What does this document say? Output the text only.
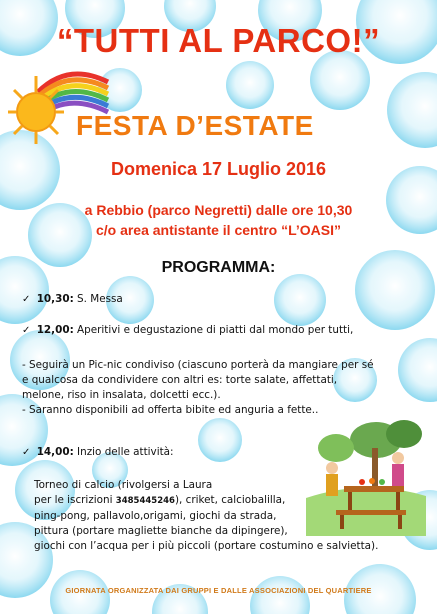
“TUTTI AL PARCO!”
FESTA D’ESTATE
Domenica 17 Luglio 2016
a Rebbio (parco Negretti) dalle ore 10,30
c/o area antistante il centro “L’OASI”
PROGRAMMA:
✓ 10,30: S. Messa
✓ 12,00: Aperitivi e degustazione di piatti dal mondo per tutti,
- Seguirà un Pic-nic condiviso (ciascuno porterà da mangiare per sé
e qualcosa da condividere con altri es: torte salate, affettati,
melone, riso in insalata, dolcetti ecc.).
- Saranno disponibili ad offerta bibite ed anguria a fette..
✓ 14,00: Inzio delle attività:
Torneo di calcio (rivolgersi a Laura
per le iscrizioni 3485445246), criket, calciobalilla,
ping-pong, pallavolo,origami, giochi da strada,
pittura (portare magliette bianche da dipingere),
giochi con l’acqua per i più piccoli (portare costumino e salvietta).
GIORNATA ORGANIZZATA DAI GRUPPI E DALLE ASSOCIAZIONI DEL QUARTIERE
